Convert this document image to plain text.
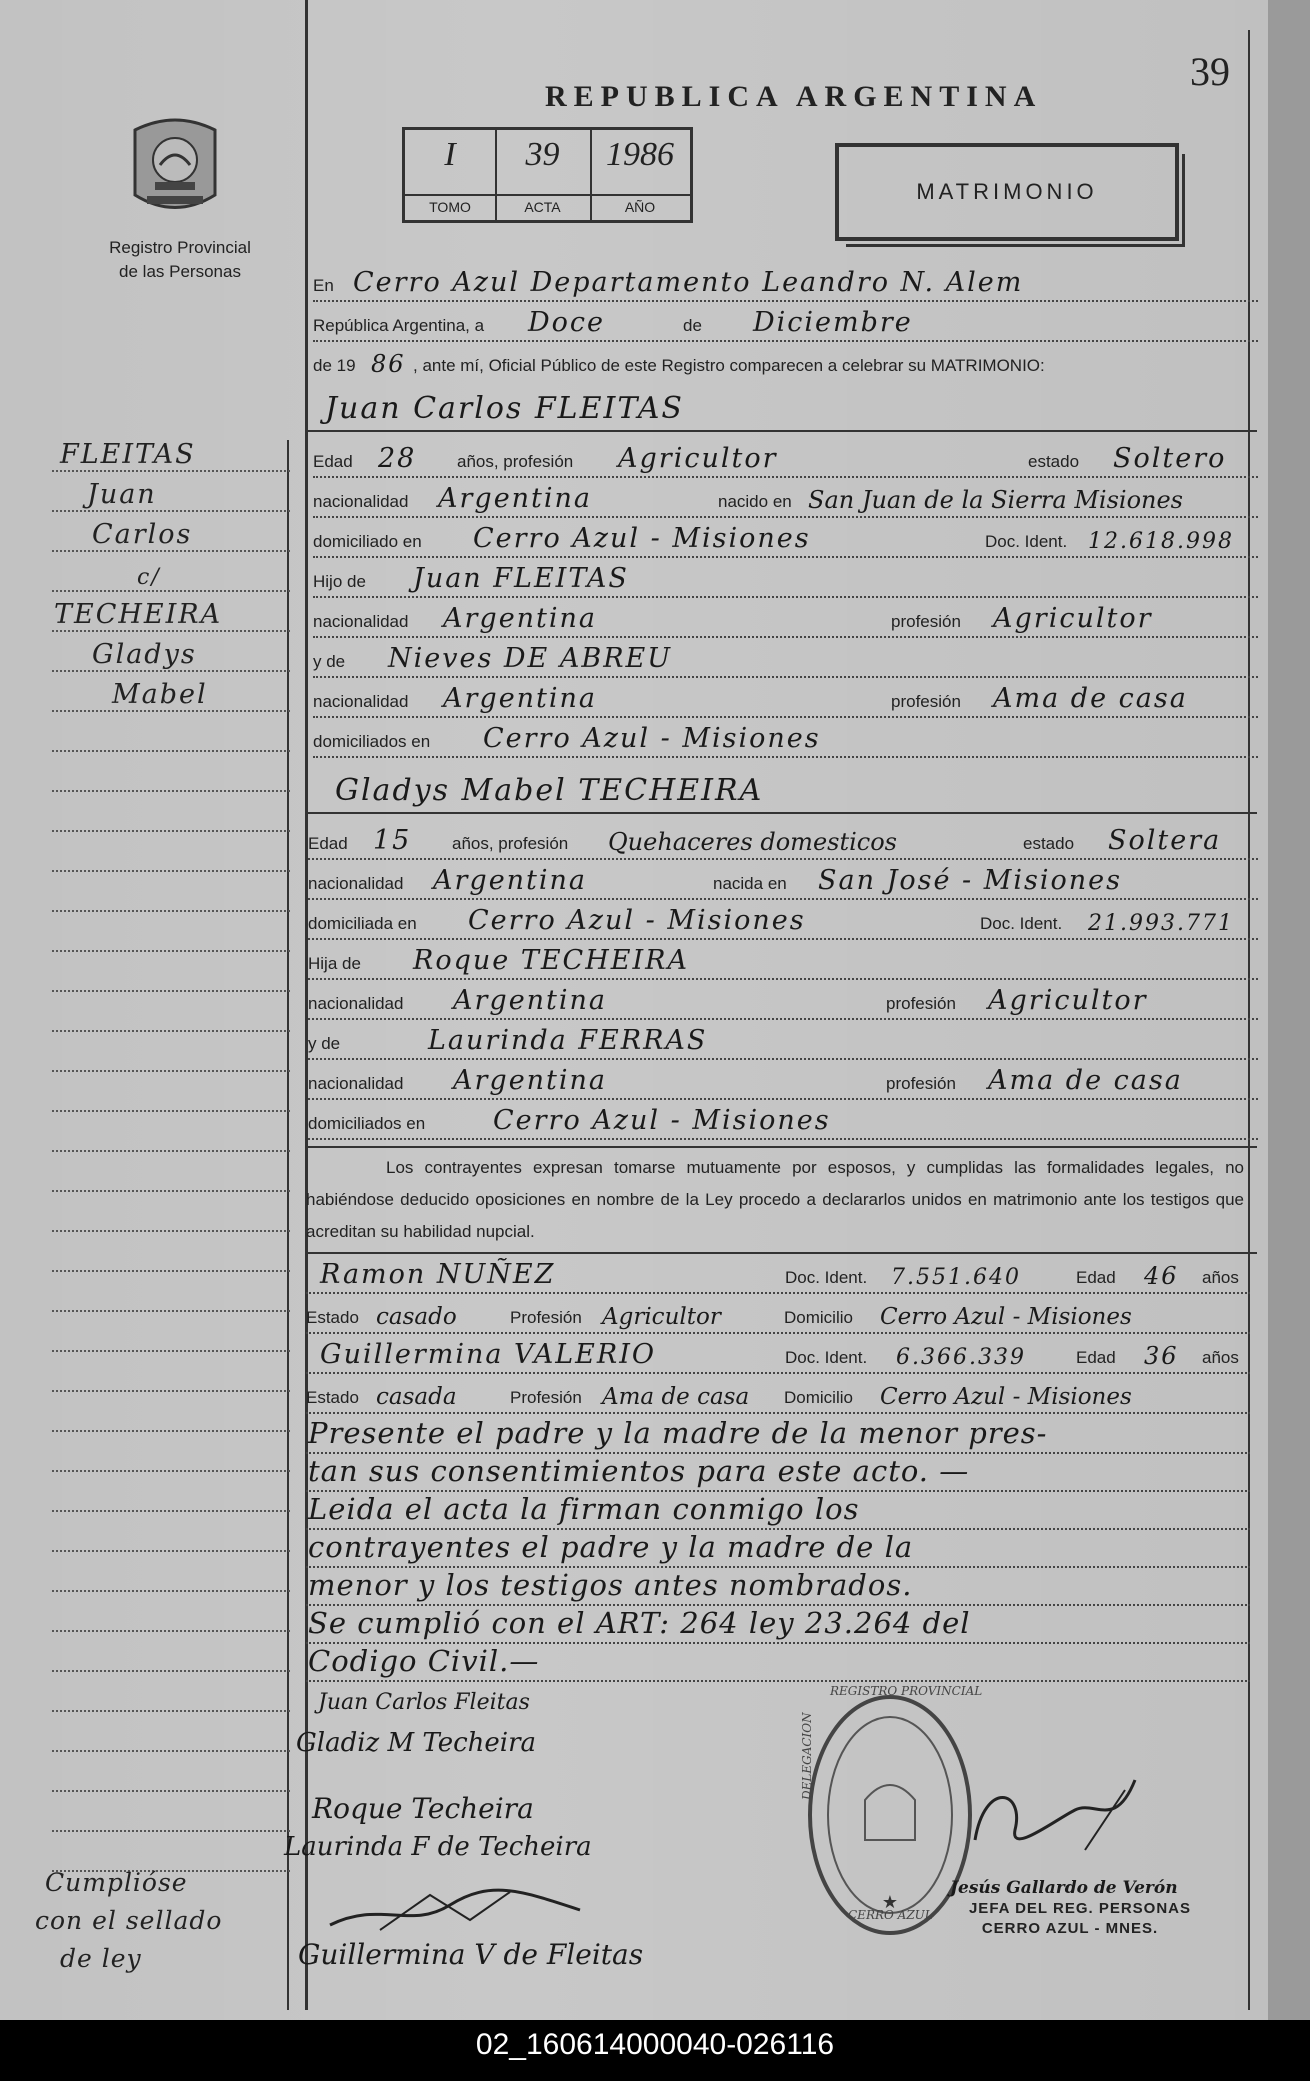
02_160614000040-026116
39
REPUBLICA ARGENTINA
Registro Provincial
de las Personas
I
TOMO
39
ACTA
1986
AÑO
MATRIMONIO
En Cerro Azul Departamento Leandro N. Alem
República Argentina, a Doce	de Diciembre
de 19 86 , ante mí, Oficial Público de este Registro comparecen a celebrar su MATRIMONIO:
Juan Carlos FLEITAS
Edad 28 años, profesión Agricultor	estado Soltero
nacionalidad Argentina	nacido en San Juan de la Sierra Misiones
domiciliado en Cerro Azul - Misiones	Doc. Ident. 12.618.998
Hijo de Juan FLEITAS
nacionalidad Argentina	profesión Agricultor
y de Nieves DE ABREU
nacionalidad Argentina	profesión Ama de casa
domiciliados en Cerro Azul - Misiones
Gladys Mabel TECHEIRA
Edad 15 años, profesión Quehaceres domesticos	estado Soltera
nacionalidad Argentina	nacida en San José - Misiones
domiciliada en Cerro Azul - Misiones	Doc. Ident. 21.993.771
Hija de Roque TECHEIRA
nacionalidad Argentina	profesión Agricultor
y de	Laurinda FERRAS
nacionalidad Argentina	profesión Ama de casa
domiciliados en	Cerro Azul - Misiones
Los contrayentes expresan tomarse mutuamente por esposos, y cumplidas las formalidades legales, no habiéndose deducido oposiciones en nombre de la Ley procedo a declararlos unidos en matrimonio ante los testigos que acreditan su habilidad nupcial.
Ramon NUÑEZ	Doc. Ident. 7.551.640	Edad 46 años
Estado casado	Profesión Agricultor	Domicilio Cerro Azul - Misiones
Guillermina VALERIO	Doc. Ident. 6.366.339	Edad 36 años
Estado casada	Profesión Ama de casa Domicilio Cerro Azul - Misiones
Presente el padre y la madre de la menor pres-
tan sus consentimientos para este acto. —
Leida el acta la firman conmigo los
contrayentes el padre y la madre de la
menor y los testigos antes nombrados.
Se cumplió con el ART: 264 ley 23.264 del
Codigo Civil.—
Juan Carlos Fleitas
Gladiz M Techeira
Roque Techeira
Laurinda F de Techeira
Guillermina V de Fleitas
★
REGISTRO PROVINCIAL
DELEGACION
CERRO AZUL
Jesús Gallardo de Verón
JEFA DEL REG. PERSONAS
CERRO AZUL - MNES.
FLEITAS
Juan
Carlos
c/
TECHEIRA
Gladys
Mabel
Cumplióse
con el sellado
de ley
